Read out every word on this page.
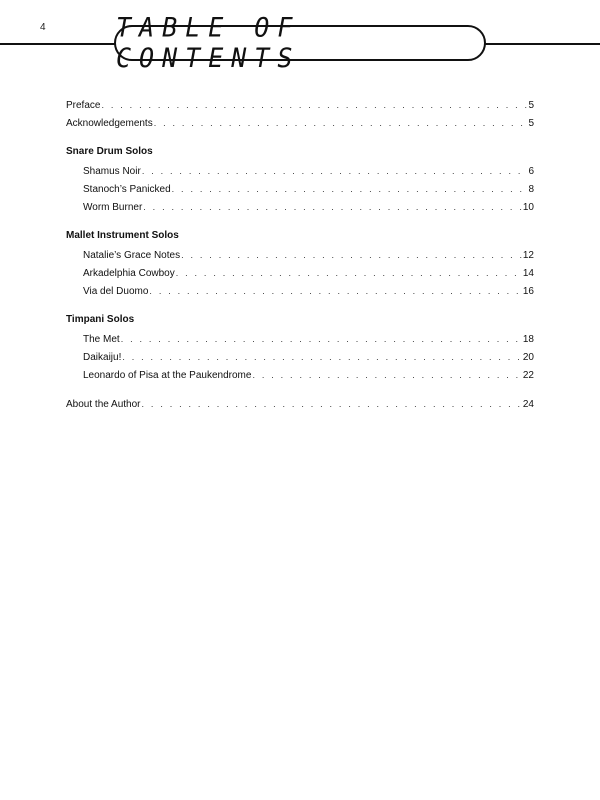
4	TABLE OF CONTENTS
Preface . . .	5
Acknowledgements . . .	5
Snare Drum Solos
Shamus Noir . . .	6
Stanoch’s Panicked . . .	8
Worm Burner . . .	10
Mallet Instrument Solos
Natalie’s Grace Notes . . .	12
Arkadelphia Cowboy . . .	14
Via del Duomo . . .	16
Timpani Solos
The Met . . .	18
Daikaiju! . . .	20
Leonardo of Pisa at the Paukendrome . . .	22
About the Author . . .	24
